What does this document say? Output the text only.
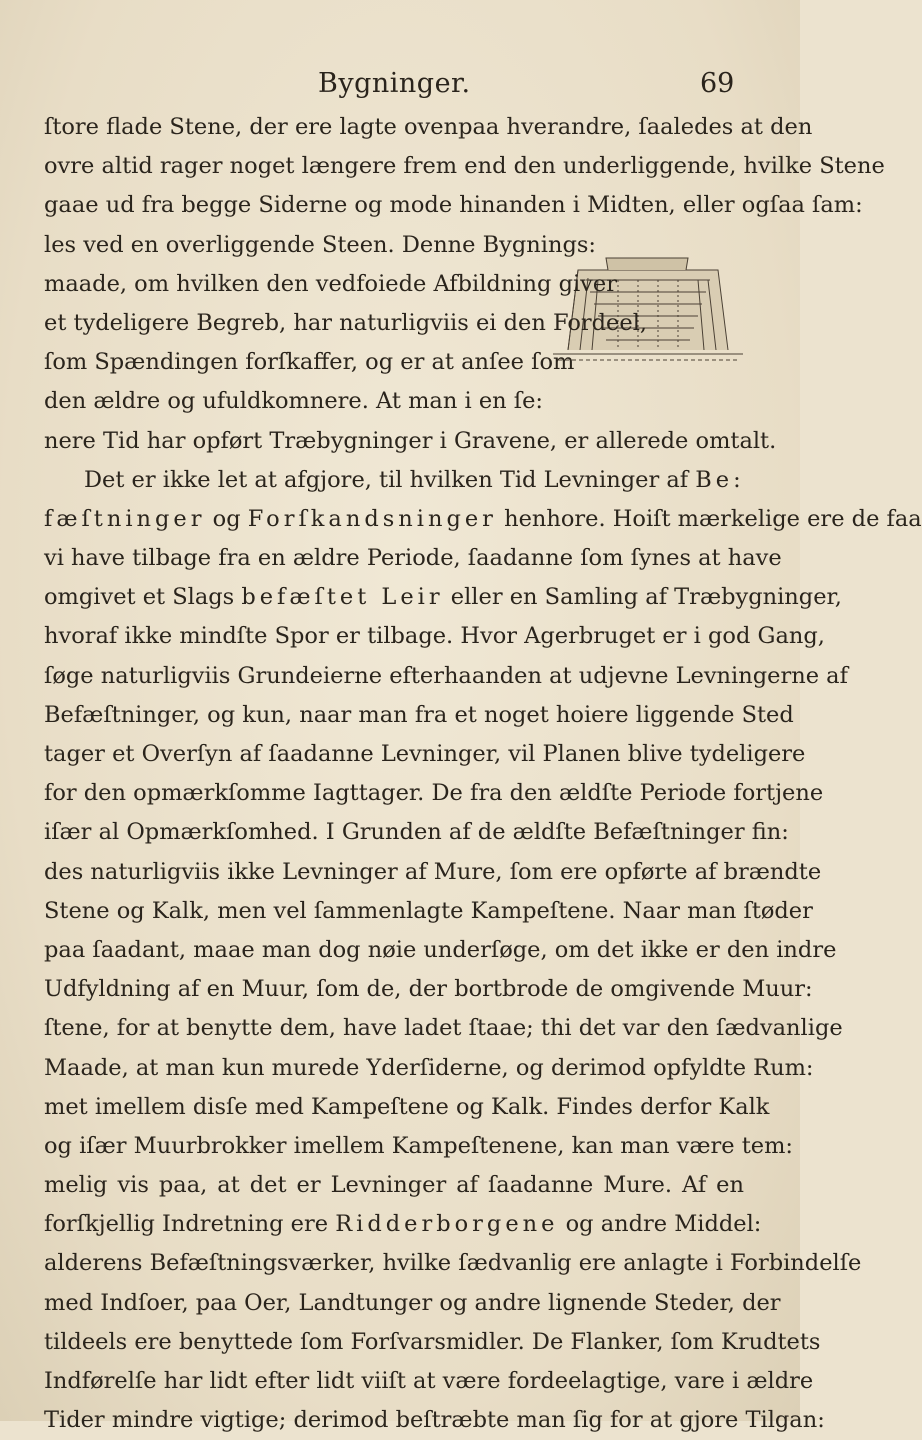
Bygninger.	69
ſtore flade Stene, der ere lagte ovenpaa hverandre, ſaaledes at den
ovre altid rager noget længere frem end den underliggende, hvilke Stene
gaae ud fra begge Siderne og mode hinanden i Midten, eller ogſaa ſam:
les ved en overliggende Steen. Denne Bygnings:
maade, om hvilken den vedfoiede Afbildning giver
et tydeligere Begreb, har naturligviis ei den Fordeel,
ſom Spændingen forſkaffer, og er at anſee ſom
den ældre og ufuldkomnere. At man i en ſe:
nere Tid har opført Træbygninger i Gravene, er allerede omtalt.
Det er ikke let at afgjore, til hvilken Tid Levninger af Be:
fæſtninger og Forſkandsninger henhore. Hoiſt mærkelige ere de faa
vi have tilbage fra en ældre Periode, ſaadanne ſom ſynes at have
omgivet et Slags befæſtet Leir eller en Samling af Træbygninger,
hvoraf ikke mindſte Spor er tilbage. Hvor Agerbruget er i god Gang,
ſøge naturligviis Grundeierne efterhaanden at udjevne Levningerne af
Befæſtninger, og kun, naar man fra et noget hoiere liggende Sted
tager et Overſyn af ſaadanne Levninger, vil Planen blive tydeligere
for den opmærkſomme Iagttager. De fra den ældſte Periode fortjene
iſær al Opmærkſomhed. I Grunden af de ældſte Befæſtninger fin:
des naturligviis ikke Levninger af Mure, ſom ere opførte af brændte
Stene og Kalk, men vel ſammenlagte Kampeſtene. Naar man ſtøder
paa ſaadant, maae man dog nøie underſøge, om det ikke er den indre
Udfyldning af en Muur, ſom de, der bortbrode de omgivende Muur:
ſtene, for at benytte dem, have ladet ſtaae; thi det var den ſædvanlige
Maade, at man kun murede Yderſiderne, og derimod opfyldte Rum:
met imellem disſe med Kampeſtene og Kalk. Findes derfor Kalk
og iſær Muurbrokker imellem Kampeſtenene, kan man være tem:
melig vis paa, at det er Levninger af ſaadanne Mure. Af en
forſkjellig Indretning ere Ridderborgene og andre Middel:
alderens Befæſtningsværker, hvilke ſædvanlig ere anlagte i Forbindelſe
med Indſoer, paa Oer, Landtunger og andre lignende Steder, der
tildeels ere benyttede ſom Forſvarsmidler. De Flanker, ſom Krudtets
Indførelſe har lidt efter lidt viiſt at være fordeelagtige, vare i ældre
Tider mindre vigtige; derimod beſtræbte man ſig for at gjore Tilgan:
